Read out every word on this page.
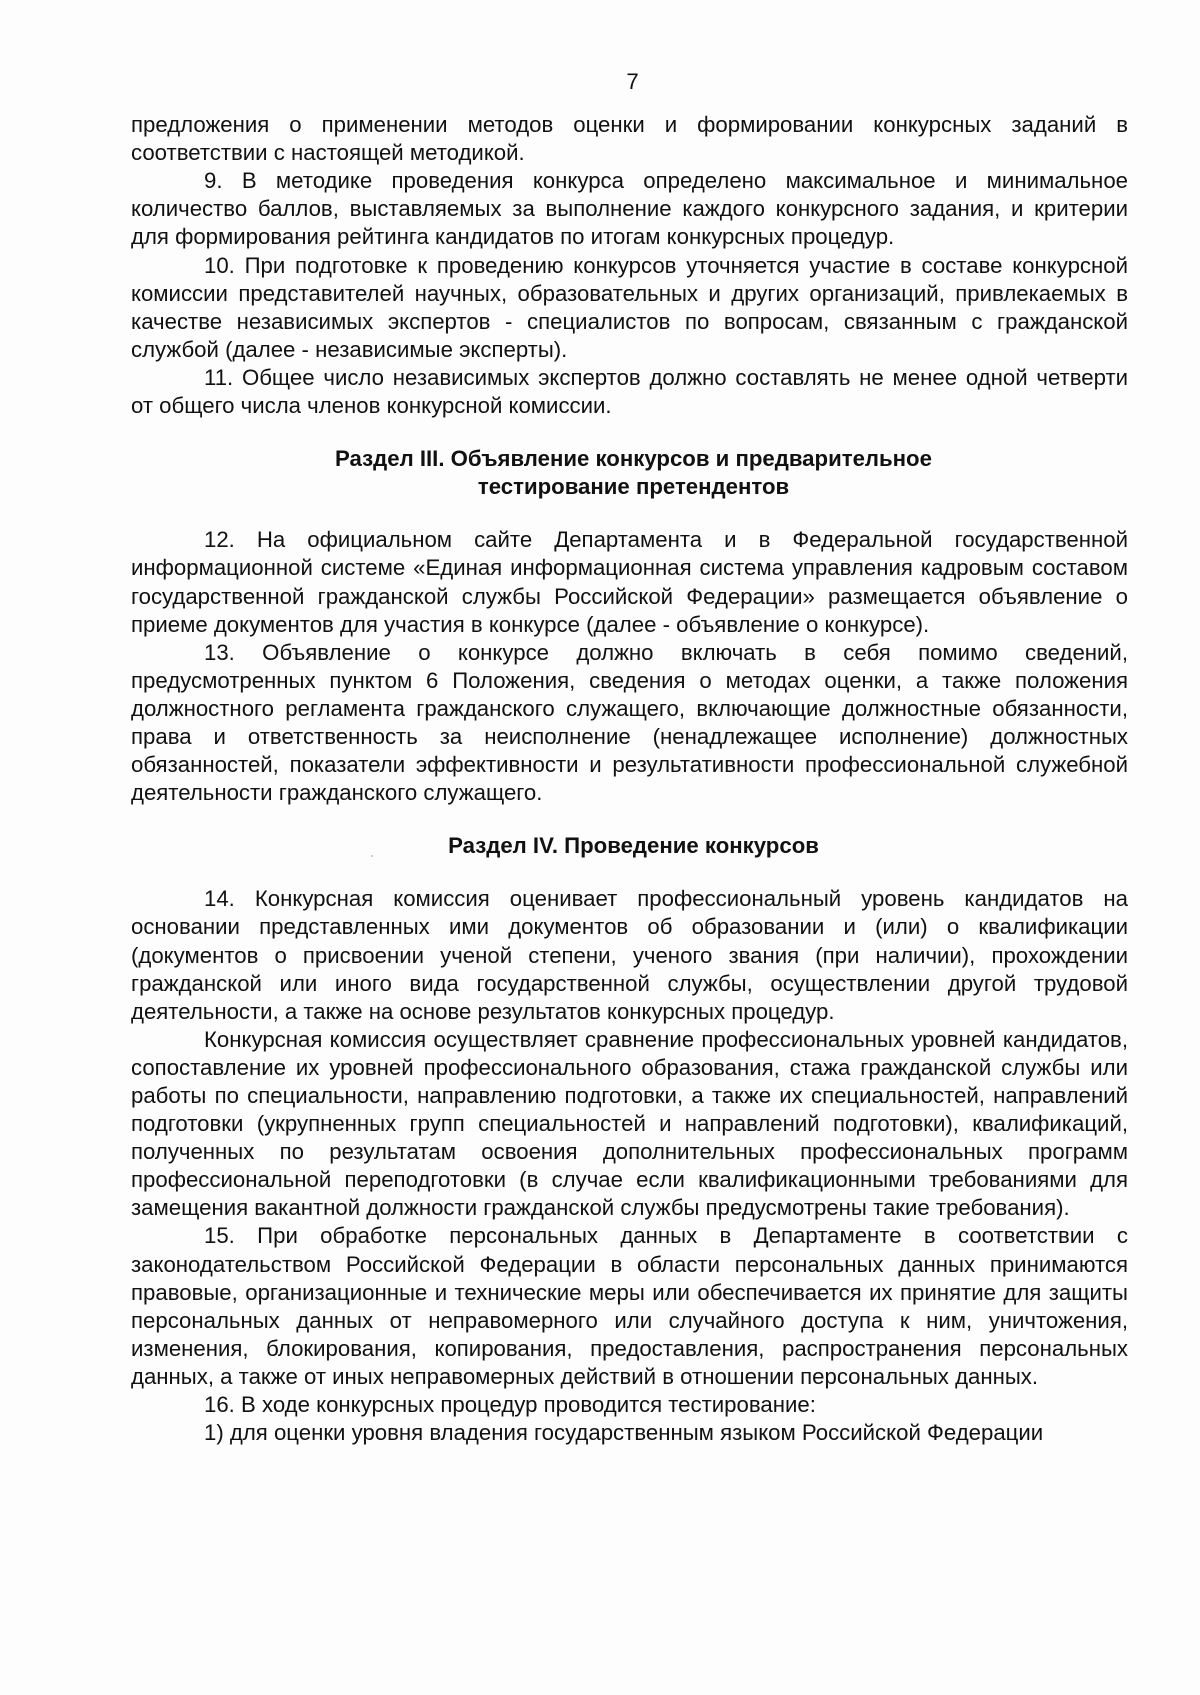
7

предложения о применении методов оценки и формировании конкурсных заданий в соответствии с настоящей методикой.

9. В методике проведения конкурса определено максимальное и минимальное количество баллов, выставляемых за выполнение каждого конкурсного задания, и критерии для формирования рейтинга кандидатов по итогам конкурсных процедур.

10. При подготовке к проведению конкурсов уточняется участие в составе конкурсной комиссии представителей научных, образовательных и других организаций, привлекаемых в качестве независимых экспертов - специалистов по вопросам, связанным с гражданской службой (далее - независимые эксперты).

11. Общее число независимых экспертов должно составлять не менее одной четверти от общего числа членов конкурсной комиссии.

Раздел III. Объявление конкурсов и предварительное
тестирование претендентов

12. На официальном сайте Департамента и в Федеральной государственной информационной системе «Единая информационная система управления кадровым составом государственной гражданской службы Российской Федерации» размещается объявление о приеме документов для участия в конкурсе (далее - объявление о конкурсе).

13. Объявление о конкурсе должно включать в себя помимо сведений, предусмотренных пунктом 6 Положения, сведения о методах оценки, а также положения должностного регламента гражданского служащего, включающие должностные обязанности, права и ответственность за неисполнение (ненадлежащее исполнение) должностных обязанностей, показатели эффективности и результативности профессиональной служебной деятельности гражданского служащего.

Раздел IV. Проведение конкурсов

14. Конкурсная комиссия оценивает профессиональный уровень кандидатов на основании представленных ими документов об образовании и (или) о квалификации (документов о присвоении ученой степени, ученого звания (при наличии), прохождении гражданской или иного вида государственной службы, осуществлении другой трудовой деятельности, а также на основе результатов конкурсных процедур.

Конкурсная комиссия осуществляет сравнение профессиональных уровней кандидатов, сопоставление их уровней профессионального образования, стажа гражданской службы или работы по специальности, направлению подготовки, а также их специальностей, направлений подготовки (укрупненных групп специальностей и направлений подготовки), квалификаций, полученных по результатам освоения дополнительных профессиональных программ профессиональной переподготовки (в случае если квалификационными требованиями для замещения вакантной должности гражданской службы предусмотрены такие требования).

15. При обработке персональных данных в Департаменте в соответствии с законодательством Российской Федерации в области персональных данных принимаются правовые, организационные и технические меры или обеспечивается их принятие для защиты персональных данных от неправомерного или случайного доступа к ним, уничтожения, изменения, блокирования, копирования, предоставления, распространения персональных данных, а также от иных неправомерных действий в отношении персональных данных.

16. В ходе конкурсных процедур проводится тестирование:

1) для оценки уровня владения государственным языком Российской Федерации
